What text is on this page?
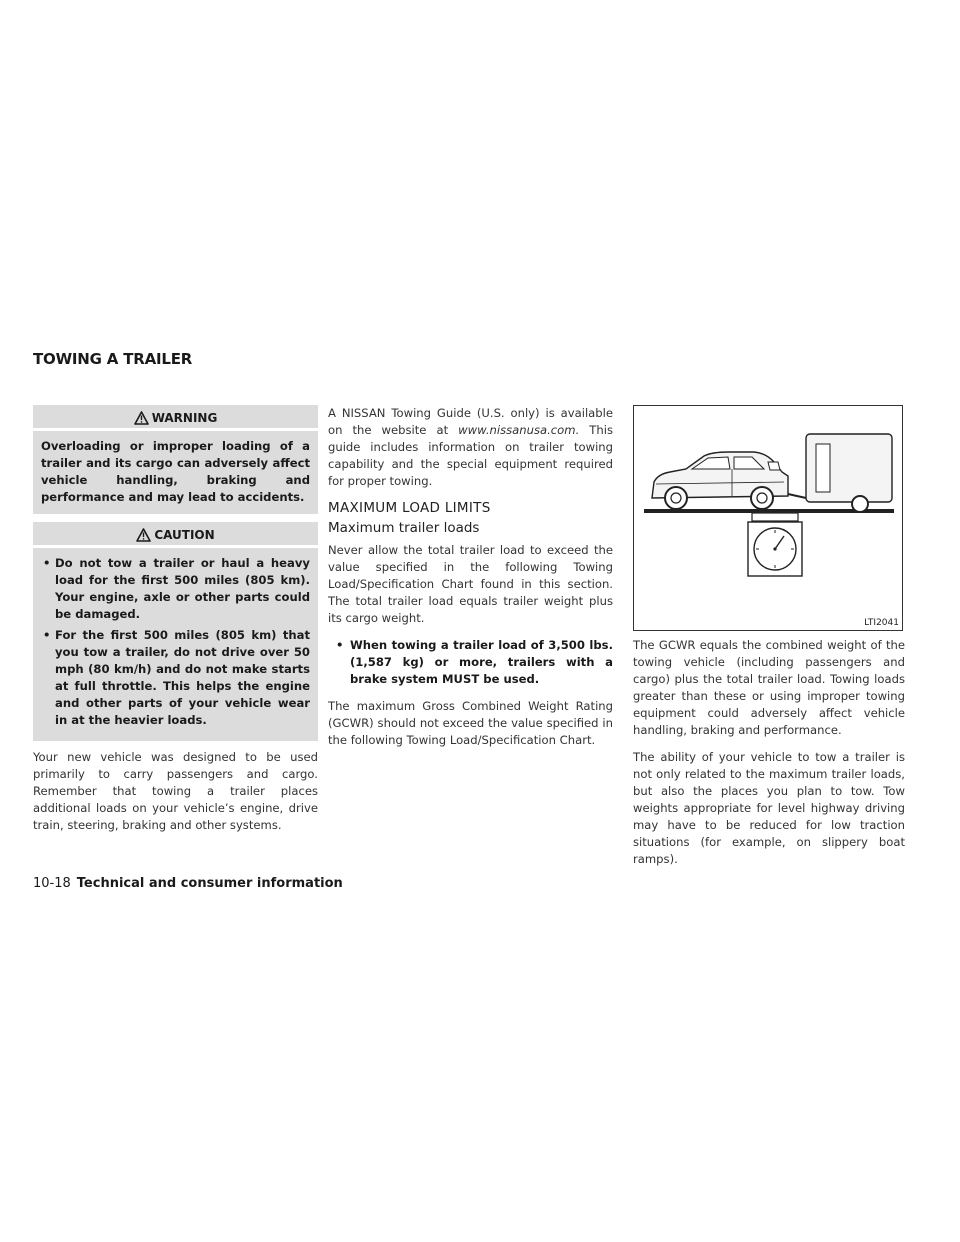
TOWING A TRAILER
WARNING

Overloading or improper loading of a trailer and its cargo can adversely affect vehicle handling, braking and performance and may lead to accidents.

CAUTION
• Do not tow a trailer or haul a heavy load for the first 500 miles (805 km). Your engine, axle or other parts could be damaged.
• For the first 500 miles (805 km) that you tow a trailer, do not drive over 50 mph (80 km/h) and do not make starts at full throttle. This helps the engine and other parts of your vehicle wear in at the heavier loads.

Your new vehicle was designed to be used primarily to carry passengers and cargo. Remember that towing a trailer places additional loads on your vehicle’s engine, drive train, steering, braking and other systems.

A NISSAN Towing Guide (U.S. only) is available on the website at www.nissanusa.com. This guide includes information on trailer towing capability and the special equipment required for proper towing.

MAXIMUM LOAD LIMITS
Maximum trailer loads

Never allow the total trailer load to exceed the value specified in the following Towing Load/Specification Chart found in this section. The total trailer load equals trailer weight plus its cargo weight.

• When towing a trailer load of 3,500 lbs. (1,587 kg) or more, trailers with a brake system MUST be used.

The maximum Gross Combined Weight Rating (GCWR) should not exceed the value specified in the following Towing Load/Specification Chart.

LTI2041

The GCWR equals the combined weight of the towing vehicle (including passengers and cargo) plus the total trailer load. Towing loads greater than these or using improper towing equipment could adversely affect vehicle handling, braking and performance.

The ability of your vehicle to tow a trailer is not only related to the maximum trailer loads, but also the places you plan to tow. Tow weights appropriate for level highway driving may have to be reduced for low traction situations (for example, on slippery boat ramps).

10-18 Technical and consumer information
